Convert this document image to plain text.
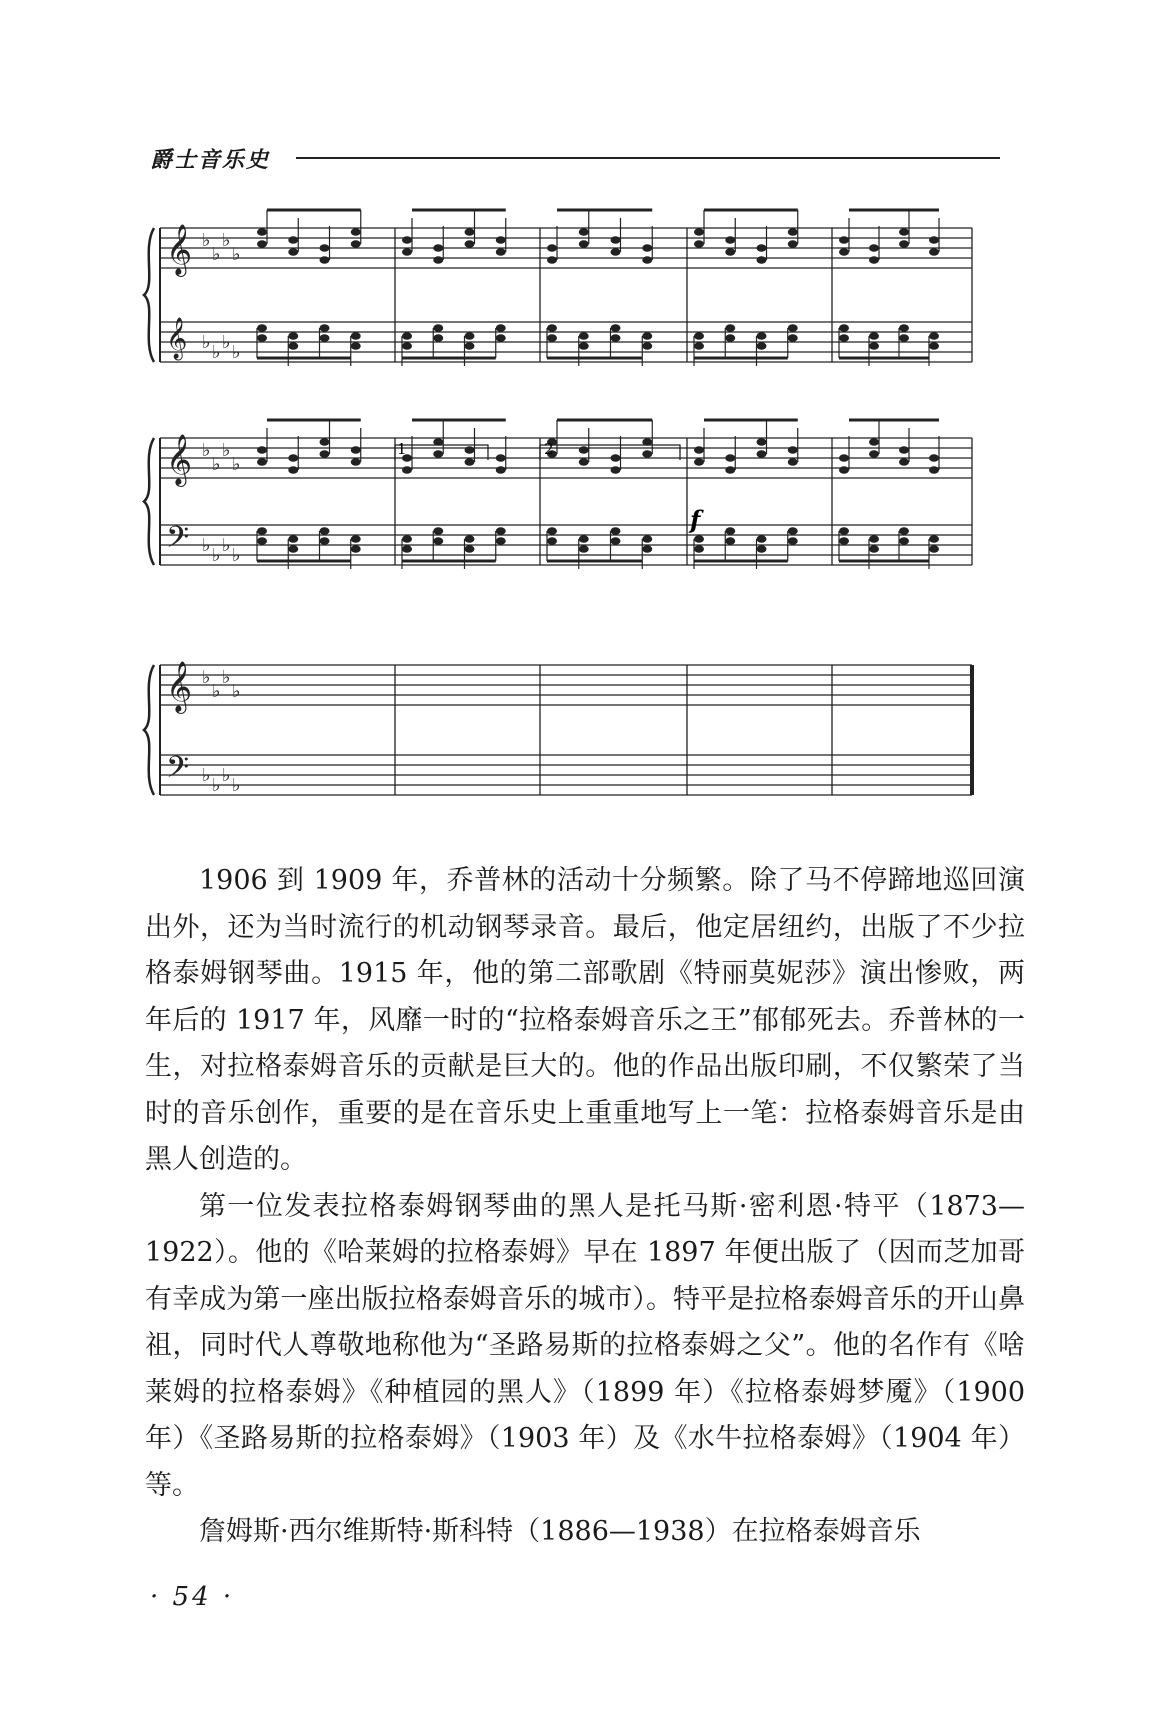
爵士音乐史
𝄞
𝄞
♭
♭
♭
♭
♭
♭
♭
♭
𝄞
𝄢
♭
♭
♭
♭
♭
♭
♭
♭
𝄞
𝄢
♭
♭
♭
♭
♭
♭
♭
♭
1	2
f

1906 到 1909 年，乔普林的活动十分频繁。除了马不停蹄地巡回演出外，还为当时流行的机动钢琴录音。最后，他定居纽约，出版了不少拉格泰姆钢琴曲。1915 年，他的第二部歌剧《特丽莫妮莎》演出惨败，两年后的 1917 年，风靡一时的“拉格泰姆音乐之王”郁郁死去。乔普林的一生，对拉格泰姆音乐的贡献是巨大的。他的作品出版印刷，不仅繁荣了当时的音乐创作，重要的是在音乐史上重重地写上一笔：拉格泰姆音乐是由黑人创造的。

第一位发表拉格泰姆钢琴曲的黑人是托马斯·密利恩·特平（1873—1922）。他的《哈莱姆的拉格泰姆》早在 1897 年便出版了（因而芝加哥有幸成为第一座出版拉格泰姆音乐的城市）。特平是拉格泰姆音乐的开山鼻祖，同时代人尊敬地称他为“圣路易斯的拉格泰姆之父”。他的名作有《啥莱姆的拉格泰姆》《种植园的黑人》（1899 年）《拉格泰姆梦魇》（1900 年）《圣路易斯的拉格泰姆》（1903 年）及《水牛拉格泰姆》（1904 年）等。

詹姆斯·西尔维斯特·斯科特（1886—1938）在拉格泰姆音乐

· 54 ·
